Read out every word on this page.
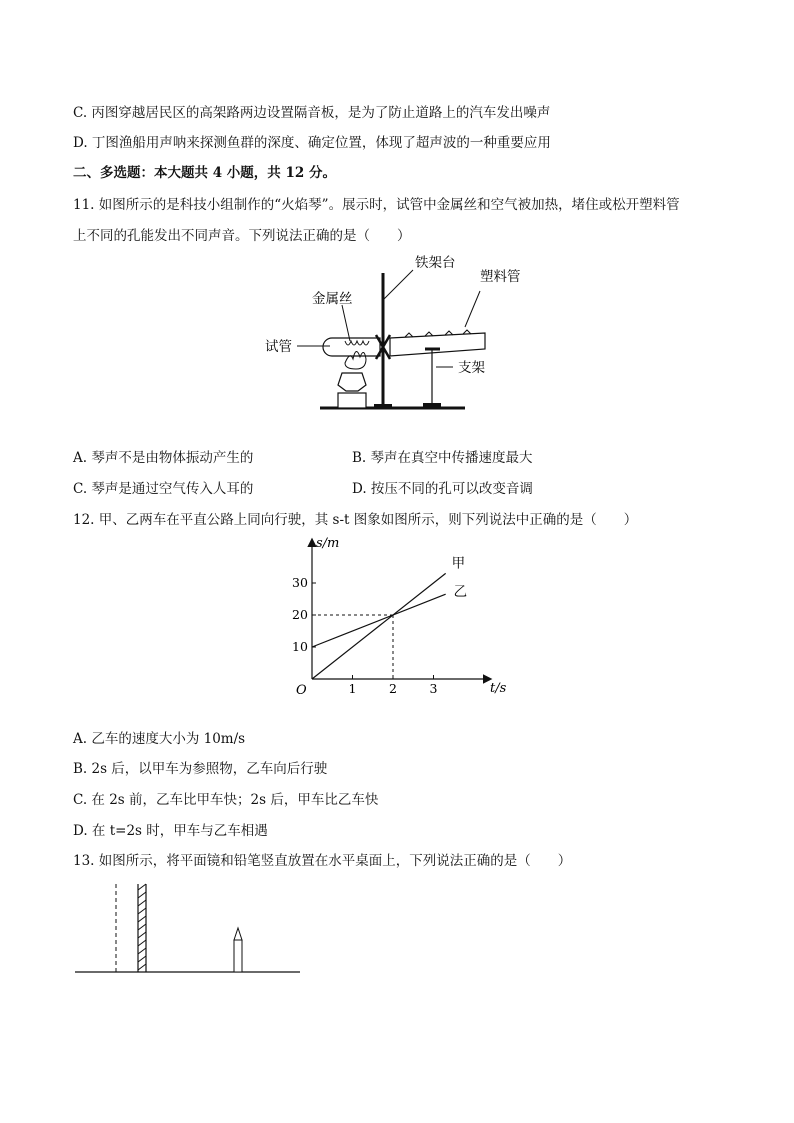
C. 丙图穿越居民区的高架路两边设置隔音板，是为了防止道路上的汽车发出噪声
D. 丁图渔船用声呐来探测鱼群的深度、确定位置，体现了超声波的一种重要应用
二、多选题：本大题共 4 小题，共 12 分。
11. 如图所示的是科技小组制作的“火焰琴”。展示时，试管中金属丝和空气被加热，堵住或松开塑料管
上不同的孔能发出不同声音。下列说法正确的是（　　）
铁架台
塑料管
金属丝
试管
支架
A. 琴声不是由物体振动产生的	B. 琴声在真空中传播速度最大
C. 琴声是通过空气传入人耳的	D. 按压不同的孔可以改变音调
12. 甲、乙两车在平直公路上同向行驶，其 s-t 图象如图所示，则下列说法中正确的是（　　）
s/m
t/s
O	1	2	3
10
20
30
甲
乙
A. 乙车的速度大小为 10m/s
B. 2s 后，以甲车为参照物，乙车向后行驶
C. 在 2s 前，乙车比甲车快；2s 后，甲车比乙车快
D. 在 t=2s 时，甲车与乙车相遇
13. 如图所示，将平面镜和铅笔竖直放置在水平桌面上，下列说法正确的是（　　）
